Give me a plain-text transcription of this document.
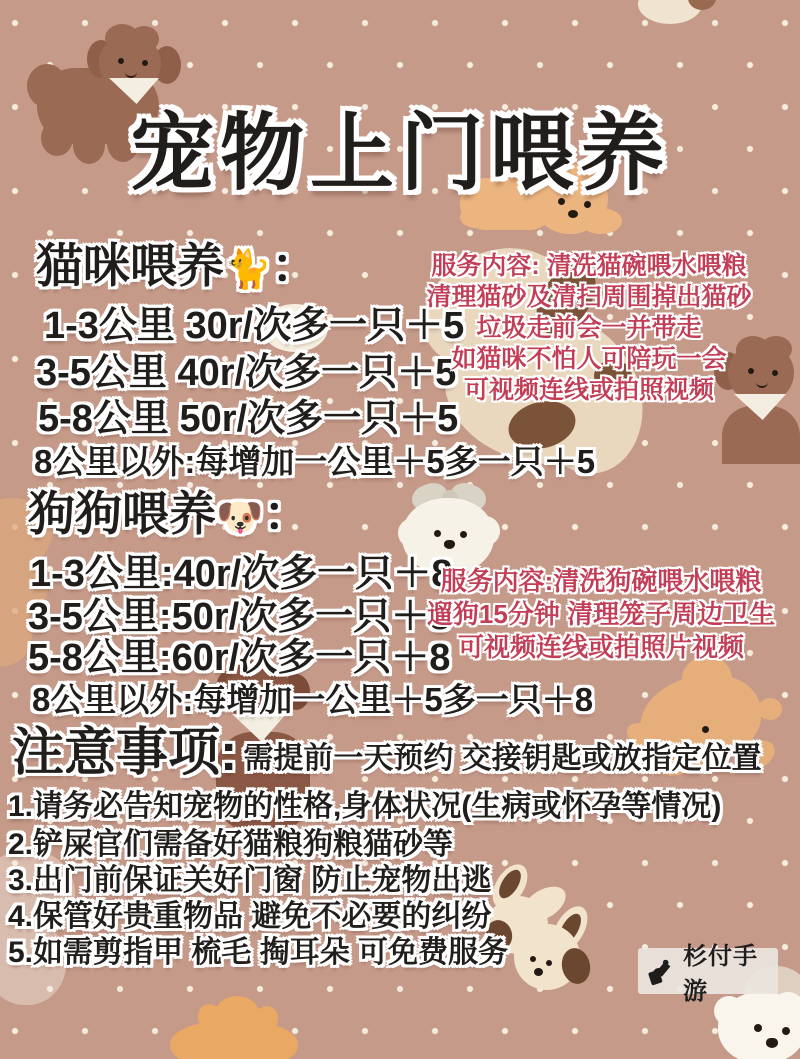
宠物上门喂养
猫咪喂养🐈：
1-3公里 30r/次多一只＋5
3-5公里 40r/次多一只＋5
5-8公里 50r/次多一只＋5
8公里以外:每增加一公里＋5多一只＋5
服务内容: 清洗猫碗喂水喂粮
清理猫砂及清扫周围掉出猫砂
垃圾走前会一并带走
如猫咪不怕人可陪玩一会
可视频连线或拍照视频
狗狗喂养🐶：
1-3公里:40r/次多一只＋8
3-5公里:50r/次多一只＋8
5-8公里:60r/次多一只＋8
8公里以外:每增加一公里＋5多一只＋8
服务内容:清洗狗碗喂水喂粮
遛狗15分钟 清理笼子周边卫生
可视频连线或拍照片视频
注意事项: 需提前一天预约 交接钥匙或放指定位置
1.请务必告知宠物的性格,身体状况(生病或怀孕等情况)
2.铲屎官们需备好猫粮狗粮猫砂等
3.出门前保证关好门窗 防止宠物出逃
4.保管好贵重物品 避免不必要的纠纷
5.如需剪指甲 梳毛 掏耳朵 可免费服务	杉付手游
